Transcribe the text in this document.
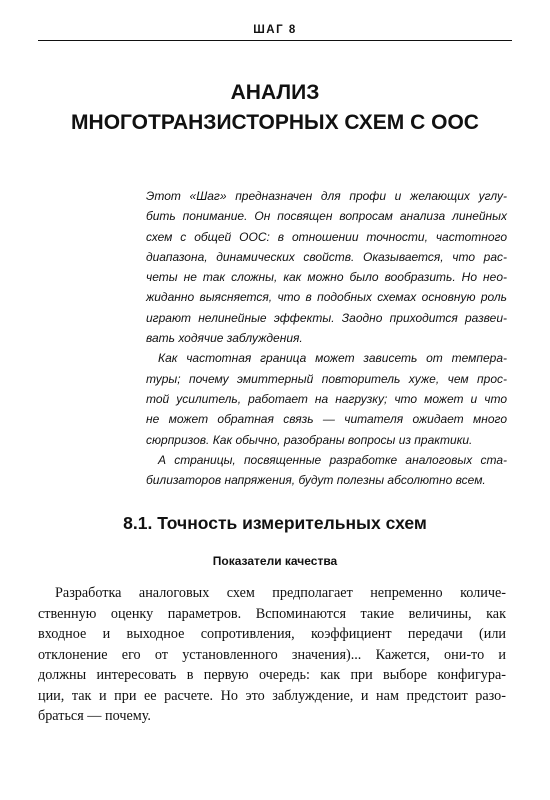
ШАГ 8
АНАЛИЗ
МНОГОТРАНЗИСТОРНЫХ СХЕМ С ООС
Этот «Шаг» предназначен для профи и желающих углу-
бить понимание. Он посвящен вопросам анализа линейных
схем с общей ООС: в отношении точности, частотного
диапазона, динамических свойств. Оказывается, что рас-
четы не так сложны, как можно было вообразить. Но нео-
жиданно выясняется, что в подобных схемах основную роль
играют нелинейные эффекты. Заодно приходится развеи-
вать ходячие заблуждения.
Как частотная граница может зависеть от темпера-
туры; почему эмиттерный повторитель хуже, чем прос-
той усилитель, работает на нагрузку; что может и что
не может обратная связь — читателя ожидает много
сюрпризов. Как обычно, разобраны вопросы из практики.
А страницы, посвященные разработке аналоговых ста-
билизаторов напряжения, будут полезны абсолютно всем.
8.1. Точность измерительных схем
Показатели качества
Разработка аналоговых схем предполагает непременно количе-
ственную оценку параметров. Вспоминаются такие величины, как
входное и выходное сопротивления, коэффициент передачи (или
отклонение его от установленного значения)... Кажется, они-то и
должны интересовать в первую очередь: как при выборе конфигура-
ции, так и при ее расчете. Но это заблуждение, и нам предстоит разо-
браться — почему.
